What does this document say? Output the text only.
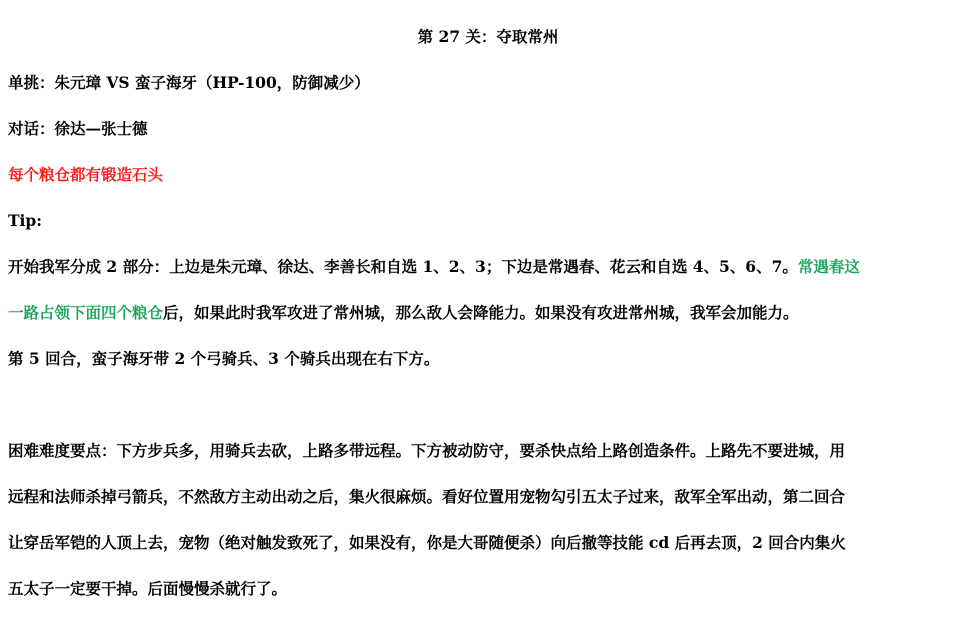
第 27 关：夺取常州
单挑：朱元璋 VS 蛮子海牙（HP-100，防御减少）
对话：徐达—张士德
每个粮仓都有锻造石头
Tip:
开始我军分成 2 部分：上边是朱元璋、徐达、李善长和自选 1、2、3；下边是常遇春、花云和自选 4、5、6、7。常遇春这
一路占领下面四个粮仓后，如果此时我军攻进了常州城，那么敌人会降能力。如果没有攻进常州城，我军会加能力。
第 5 回合，蛮子海牙带 2 个弓骑兵、3 个骑兵出现在右下方。
困难难度要点：下方步兵多，用骑兵去砍，上路多带远程。下方被动防守，要杀快点给上路创造条件。上路先不要进城，用
远程和法师杀掉弓箭兵，不然敌方主动出动之后，集火很麻烦。看好位置用宠物勾引五太子过来，敌军全军出动，第二回合
让穿岳军铠的人顶上去，宠物（绝对触发致死了，如果没有，你是大哥随便杀）向后撤等技能 cd 后再去顶，2 回合内集火
五太子一定要干掉。后面慢慢杀就行了。
